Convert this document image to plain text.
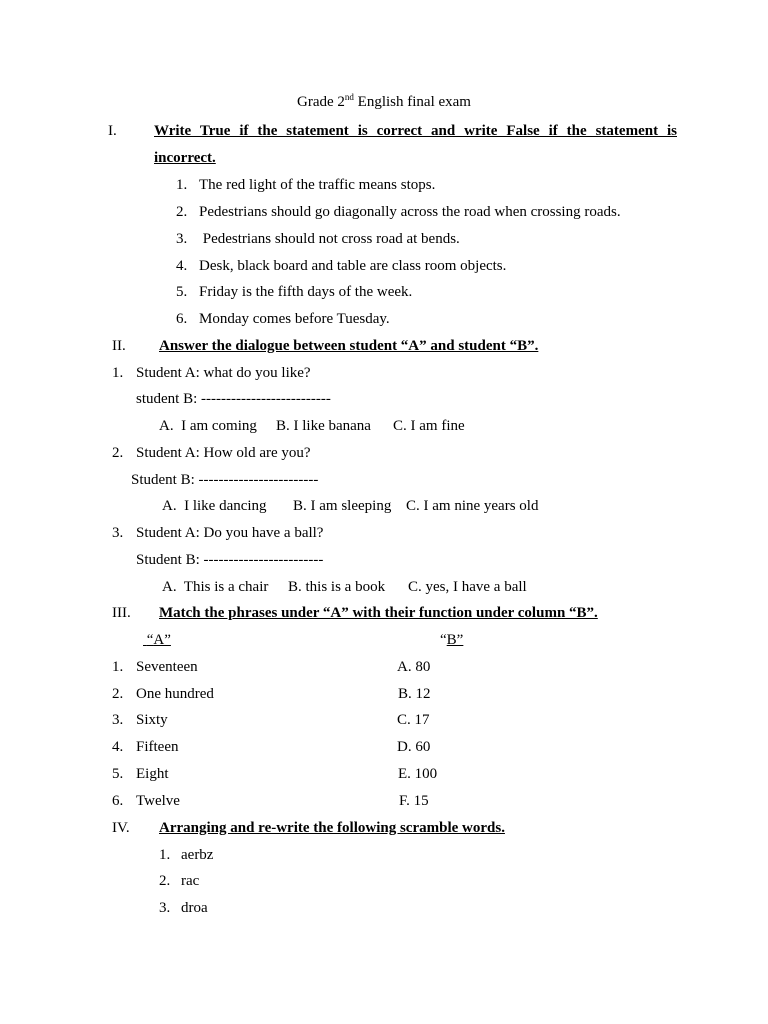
Grade 2nd English final exam
I. Write True if the statement is correct and write False if the statement is
incorrect.
1. The red light of the traffic means stops.
2. Pedestrians should go diagonally across the road when crossing roads.
3. Pedestrians should not cross road at bends.
4. Desk, black board and table are class room objects.
5. Friday is the fifth days of the week.
6. Monday comes before Tuesday.
II. Answer the dialogue between student “A” and student “B”.
1. Student A: what do you like?
student B: --------------------------
A.  I am coming B. I like banana C. I am fine
2. Student A: How old are you?
Student B: ------------------------
A.  I like dancing B. I am sleeping C. I am nine years old
3. Student A: Do you have a ball?
Student B: ------------------------
A.  This is a chair B. this is a book C. yes, I have a ball
III. Match the phrases under “A” with their function under column “B”.
“A”	“B”
1. Seventeen	A. 80
2. One hundred	B. 12
3. Sixty	C. 17
4. Fifteen	D. 60
5. Eight	E. 100
6. Twelve	F. 15
IV. Arranging and re-write the following scramble words.
1. aerbz
2. rac
3. droa
